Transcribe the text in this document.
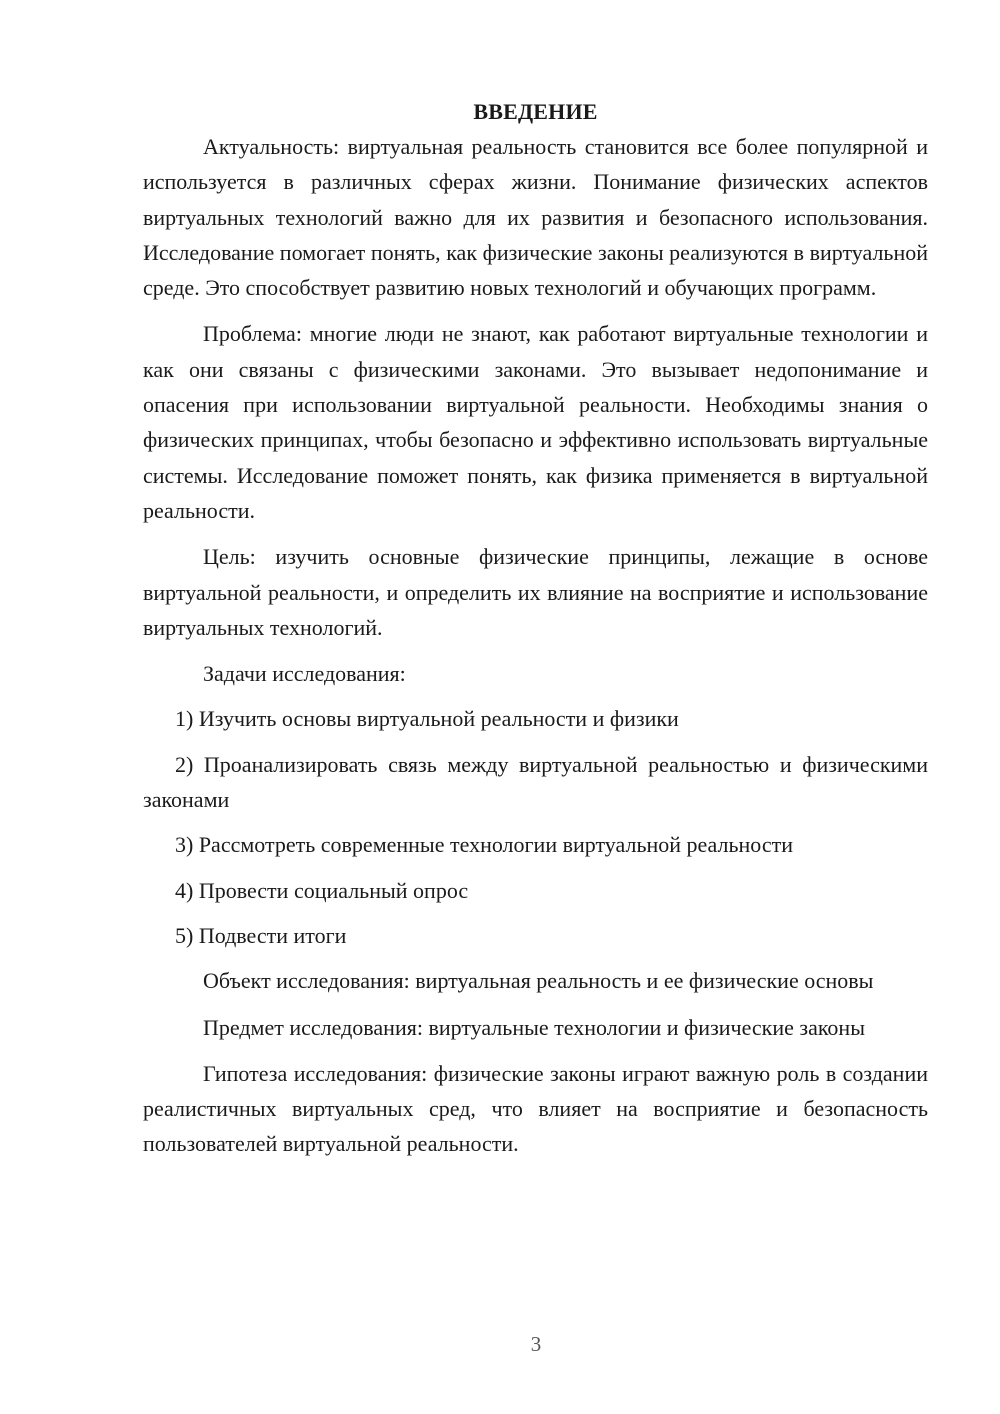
ВВЕДЕНИЕ

Актуальность: виртуальная реальность становится все более популярной и используется в различных сферах жизни. Понимание физических аспектов виртуальных технологий важно для их развития и безопасного использования. Исследование помогает понять, как физические законы реализуются в виртуальной среде. Это способствует развитию новых технологий и обучающих программ.

Проблема: многие люди не знают, как работают виртуальные технологии и как они связаны с физическими законами. Это вызывает недопонимание и опасения при использовании виртуальной реальности. Необходимы знания о физических принципах, чтобы безопасно и эффективно использовать виртуальные системы. Исследование поможет понять, как физика применяется в виртуальной реальности.

Цель: изучить основные физические принципы, лежащие в основе виртуальной реальности, и определить их влияние на восприятие и использование виртуальных технологий.

Задачи исследования:

1) Изучить основы виртуальной реальности и физики

2) Проанализировать связь между виртуальной реальностью и физическими законами

3) Рассмотреть современные технологии виртуальной реальности

4) Провести социальный опрос

5) Подвести итоги

Объект исследования: виртуальная реальность и ее физические основы

Предмет исследования: виртуальные технологии и физические законы

Гипотеза исследования: физические законы играют важную роль в создании реалистичных виртуальных сред, что влияет на восприятие и безопасность пользователей виртуальной реальности.

3
